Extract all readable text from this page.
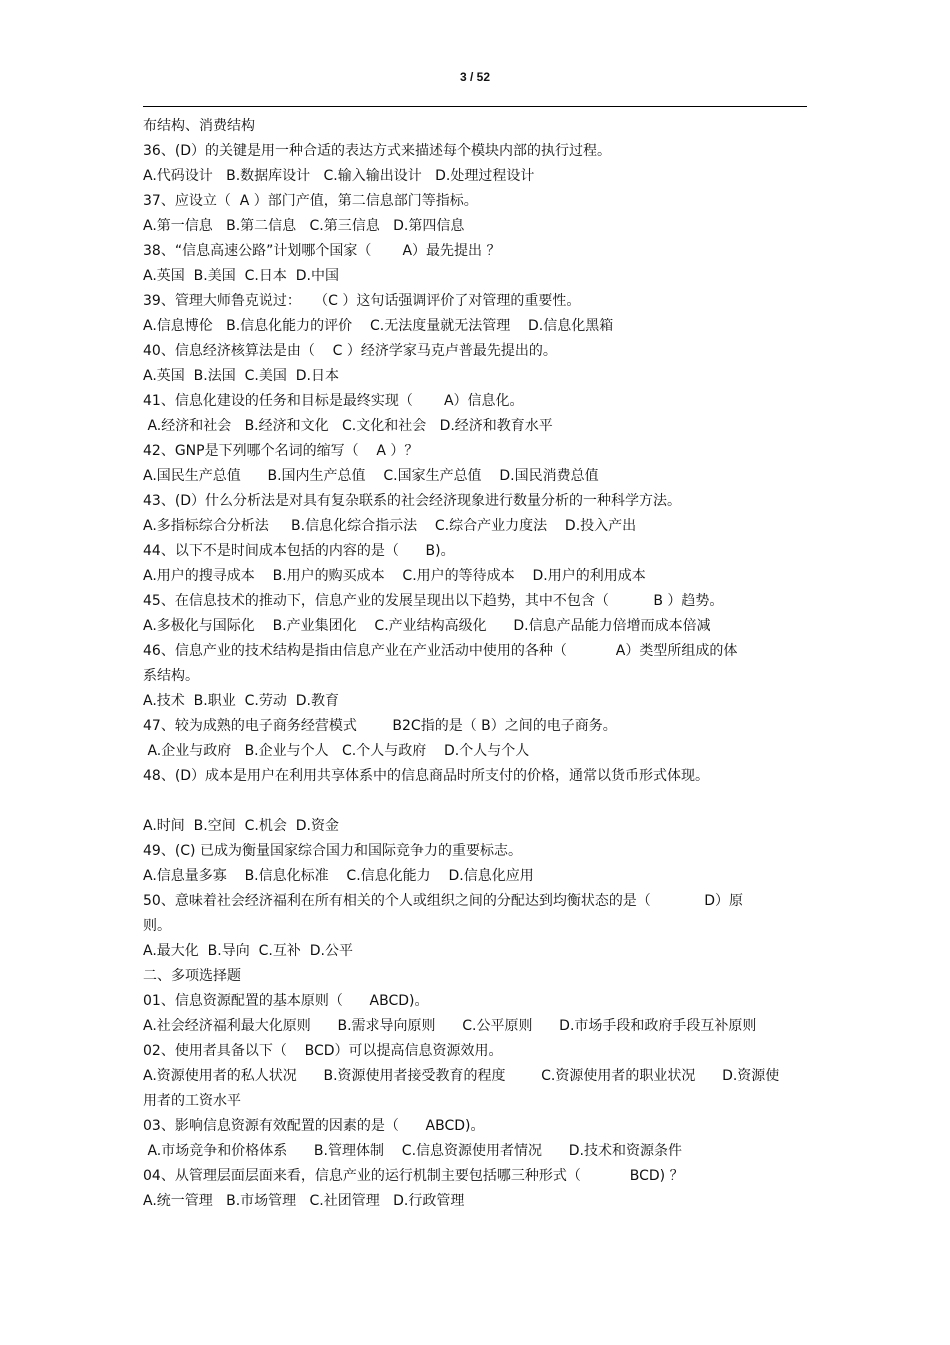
3 / 52
布结构、消费结构
36、(D）的关键是用一种合适的表达方式来描述每个模块内部的执行过程。
A.代码设计   B.数据库设计   C.输入输出设计   D.处理过程设计
37、应设立（  A ）部门产值，第二信息部门等指标。
A.第一信息   B.第二信息   C.第三信息   D.第四信息
38、“信息高速公路”计划哪个国家（       A）最先提出 ？
A.英国  B.美国  C.日本  D.中国
39、管理大师鲁克说过：   （C ）这句话强调评价了对管理的重要性。
A.信息博伦   B.信息化能力的评价    C.无法度量就无法管理    D.信息化黑箱
40、信息经济核算法是由（    C ）经济学家马克卢普最先提出的。
A.英国  B.法国  C.美国  D.日本
41、信息化建设的任务和目标是最终实现（       A）信息化。
A.经济和社会   B.经济和文化   C.文化和社会   D.经济和教育水平
42、GNP是下列哪个名词的缩写（    A ）？
A.国民生产总值      B.国内生产总值    C.国家生产总值    D.国民消费总值
43、(D）什么分析法是对具有复杂联系的社会经济现象进行数量分析的一种科学方法。
A.多指标综合分析法     B.信息化综合指示法    C.综合产业力度法    D.投入产出
44、以下不是时间成本包括的内容的是（      B)。
A.用户的搜寻成本    B.用户的购买成本    C.用户的等待成本    D.用户的利用成本
45、在信息技术的推动下，信息产业的发展呈现出以下趋势，其中不包含（          B ）趋势。
A.多极化与国际化    B.产业集团化    C.产业结构高级化      D.信息产品能力倍增而成本倍减
46、信息产业的技术结构是指由信息产业在产业活动中使用的各种（           A）类型所组成的体
系结构。
A.技术  B.职业  C.劳动  D.教育
47、较为成熟的电子商务经营模式        B2C指的是（ B）之间的电子商务。
A.企业与政府   B.企业与个人   C.个人与政府    D.个人与个人
48、(D）成本是用户在利用共享体系中的信息商品时所支付的价格，通常以货币形式体现。
A.时间  B.空间  C.机会  D.资金
49、(C) 已成为衡量国家综合国力和国际竞争力的重要标志。
A.信息量多寡    B.信息化标准    C.信息化能力    D.信息化应用
50、意味着社会经济福利在所有相关的个人或组织之间的分配达到均衡状态的是（            D）原
则。
A.最大化  B.导向  C.互补  D.公平
二、多项选择题
01、信息资源配置的基本原则（      ABCD)。
A.社会经济福利最大化原则      B.需求导向原则      C.公平原则      D.市场手段和政府手段互补原则
02、使用者具备以下（    BCD）可以提高信息资源效用。
A.资源使用者的私人状况      B.资源使用者接受教育的程度        C.资源使用者的职业状况      D.资源使
用者的工资水平
03、影响信息资源有效配置的因素的是（      ABCD)。
A.市场竞争和价格体系      B.管理体制    C.信息资源使用者情况      D.技术和资源条件
04、从管理层面层面来看，信息产业的运行机制主要包括哪三种形式（           BCD) ？
A.统一管理   B.市场管理   C.社团管理   D.行政管理
